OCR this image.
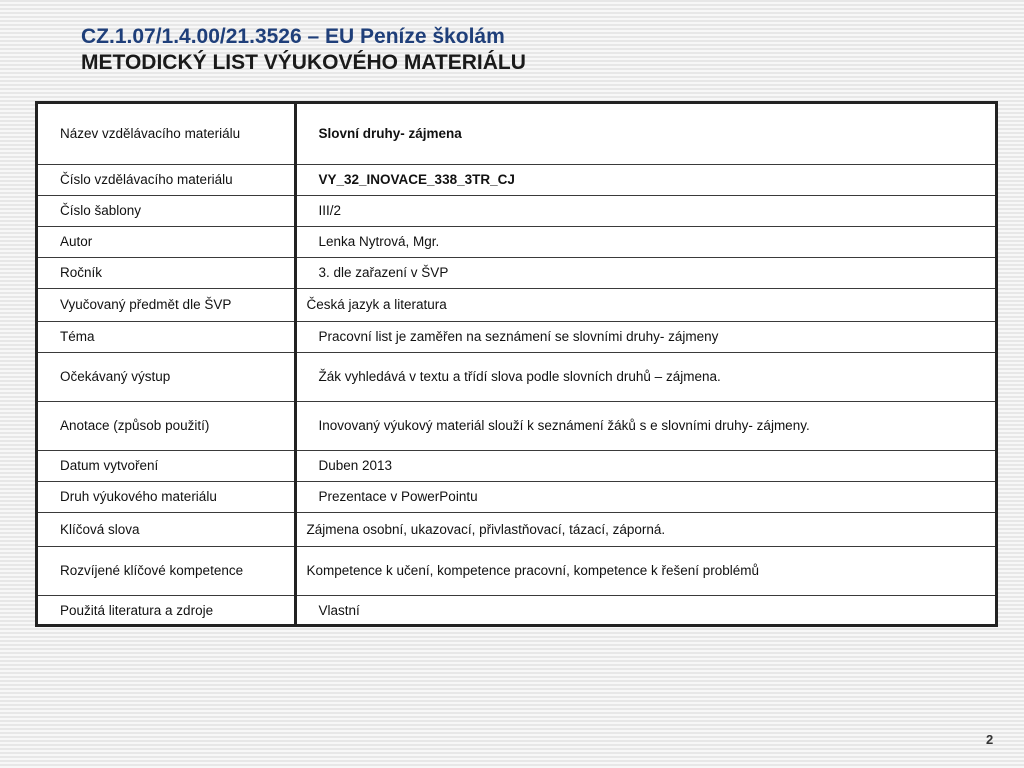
CZ.1.07/1.4.00/21.3526 – EU Peníze školám
METODICKÝ LIST VÝUKOVÉHO MATERIÁLU
Název vzdělávacího materiálu	Slovní druhy- zájmena
Číslo vzdělávacího materiálu	VY_32_INOVACE_338_3TR_CJ
Číslo šablony	III/2
Autor	Lenka Nytrová, Mgr.
Ročník	3. dle zařazení v ŠVP
Vyučovaný předmět dle ŠVP	Česká jazyk a literatura
Téma	Pracovní list je zaměřen na seznámení se slovními druhy- zájmeny
Očekávaný výstup	Žák vyhledává v textu a třídí slova podle slovních druhů – zájmena.
Anotace (způsob použití)	Inovovaný výukový materiál slouží k seznámení žáků s e slovními druhy- zájmeny.
Datum vytvoření	Duben 2013
Druh výukového materiálu	Prezentace v PowerPointu
Klíčová slova	Zájmena osobní, ukazovací, přivlastňovací, tázací, záporná.
Rozvíjené klíčové kompetence	Kompetence k učení, kompetence pracovní, kompetence k řešení problémů
Použitá literatura a zdroje	Vlastní
2
